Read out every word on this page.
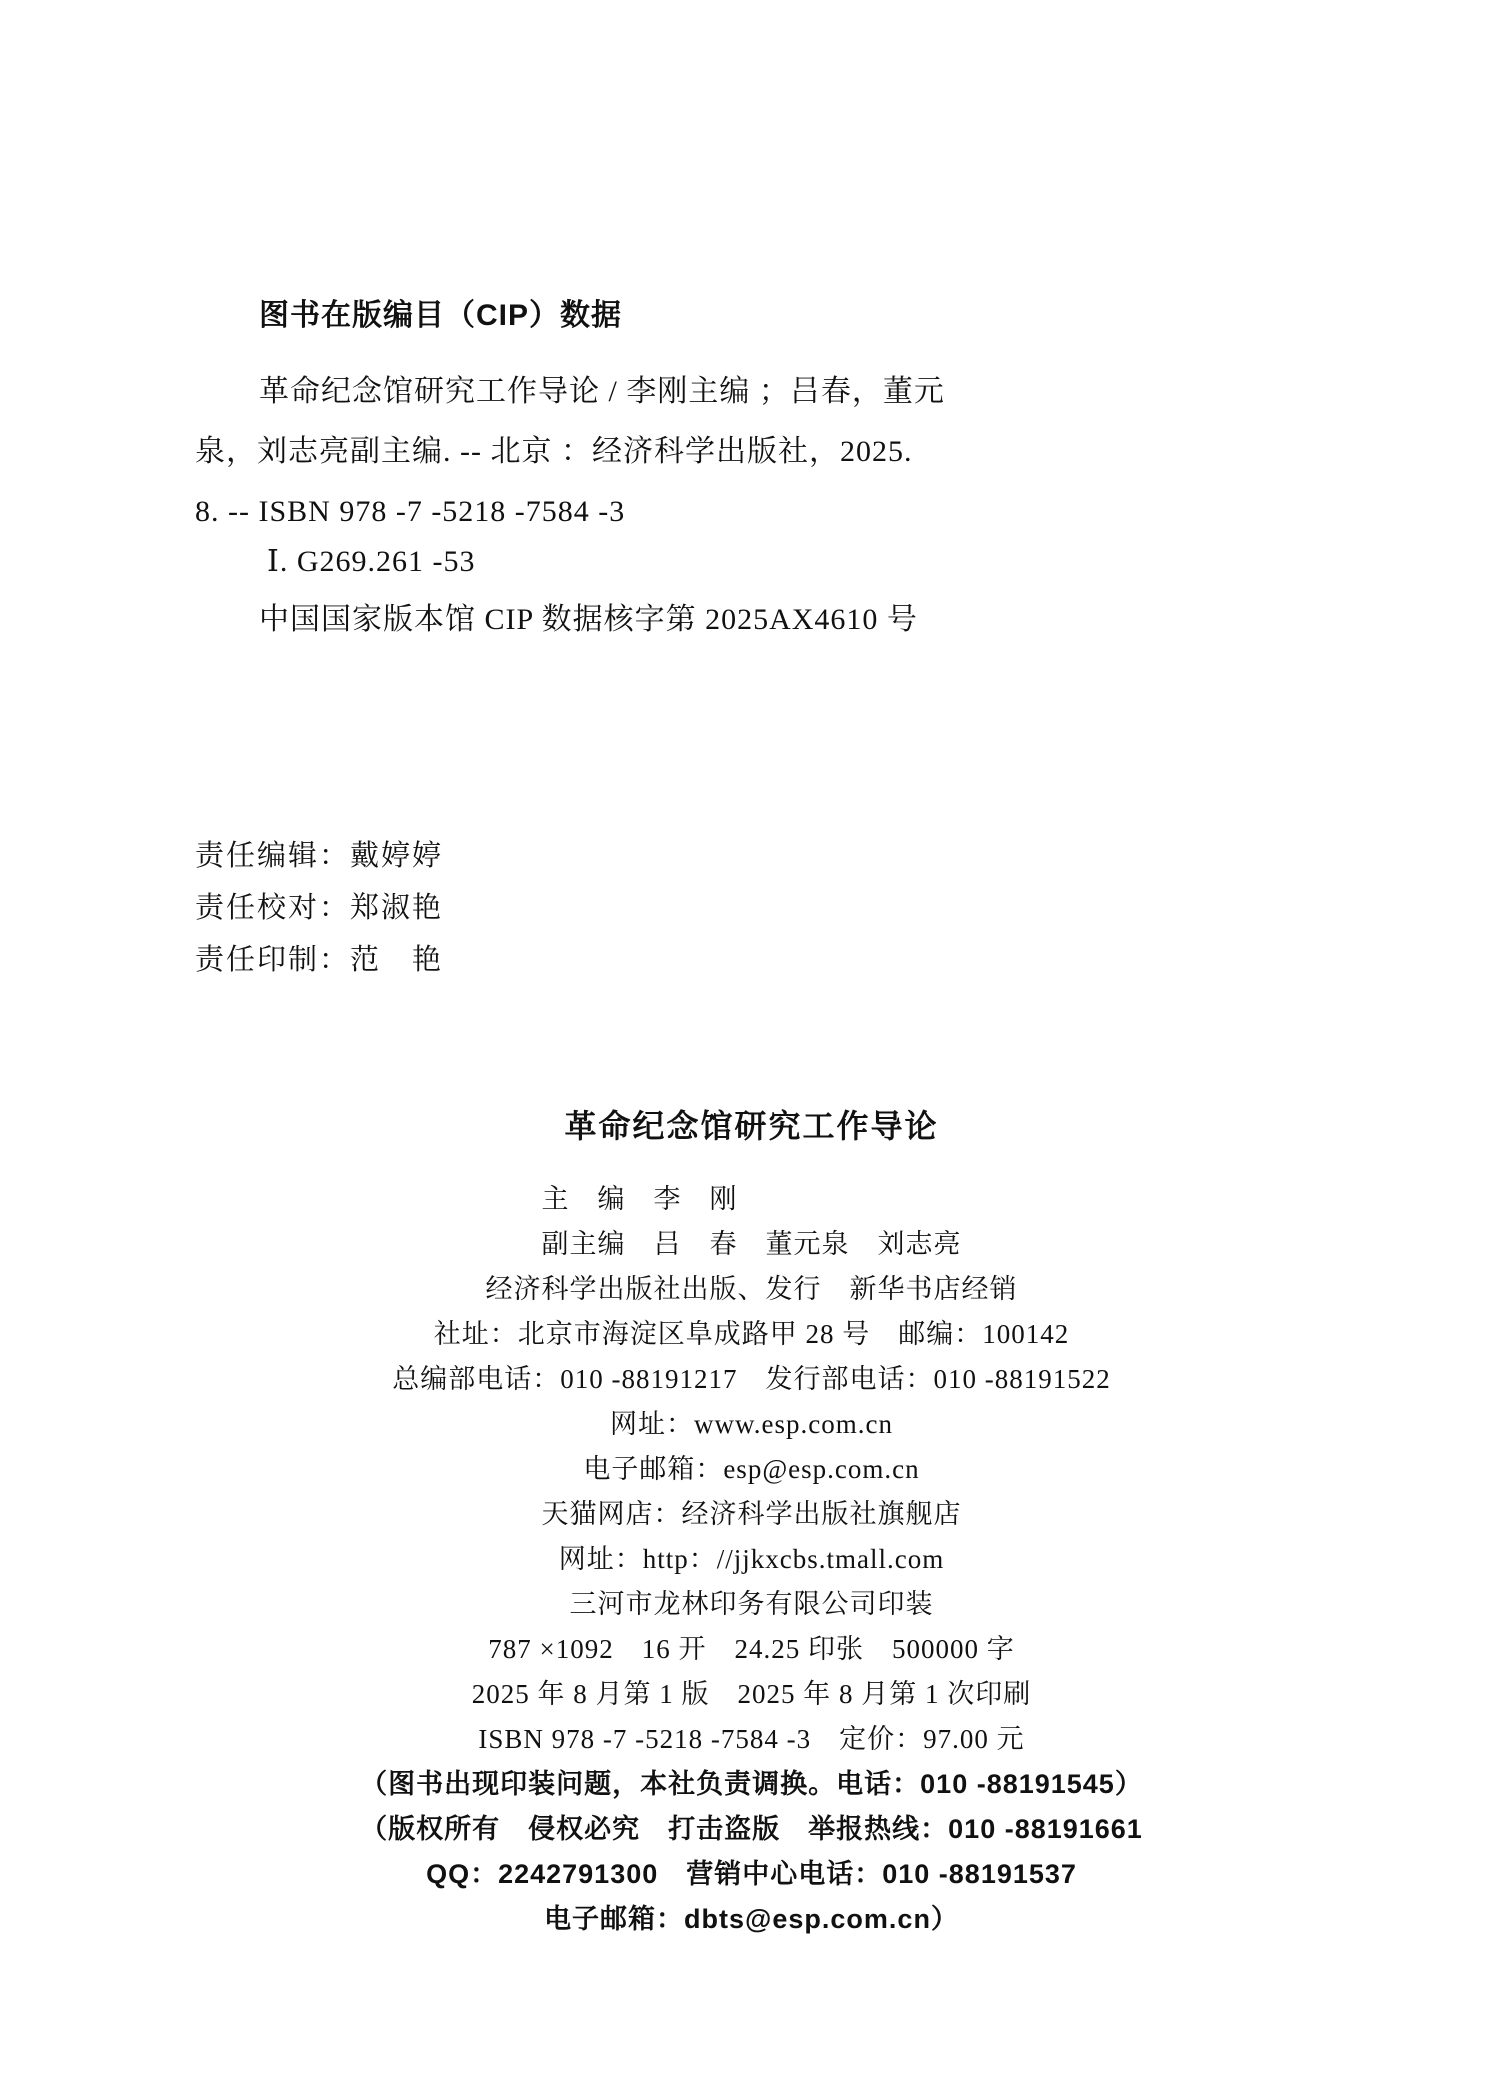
图书在版编目（CIP）数据
革命纪念馆研究工作导论 / 李刚主编 ；吕春，董元
泉，刘志亮副主编. -- 北京 ：经济科学出版社，2025.
8. -- ISBN 978 -7 -5218 -7584 -3
Ⅰ. G269.261 -53
中国国家版本馆 CIP 数据核字第 2025AX4610 号
责任编辑：戴婷婷
责任校对：郑淑艳
责任印制：范　艳
革命纪念馆研究工作导论
主　编　李　刚
副主编　吕　春　董元泉　刘志亮
经济科学出版社出版、发行　新华书店经销
社址：北京市海淀区阜成路甲 28 号　邮编：100142
总编部电话：010 -88191217　发行部电话：010 -88191522
网址：www.esp.com.cn
电子邮箱：esp@esp.com.cn
天猫网店：经济科学出版社旗舰店
网址：http：//jjkxcbs.tmall.com
三河市龙林印务有限公司印装
787 ×1092　16 开　24.25 印张　500000 字
2025 年 8 月第 1 版　2025 年 8 月第 1 次印刷
ISBN 978 -7 -5218 -7584 -3　定价：97.00 元
（图书出现印装问题，本社负责调换。电话：010 -88191545）
（版权所有　侵权必究　打击盗版　举报热线：010 -88191661
QQ：2242791300　营销中心电话：010 -88191537
电子邮箱：dbts@esp.com.cn）
